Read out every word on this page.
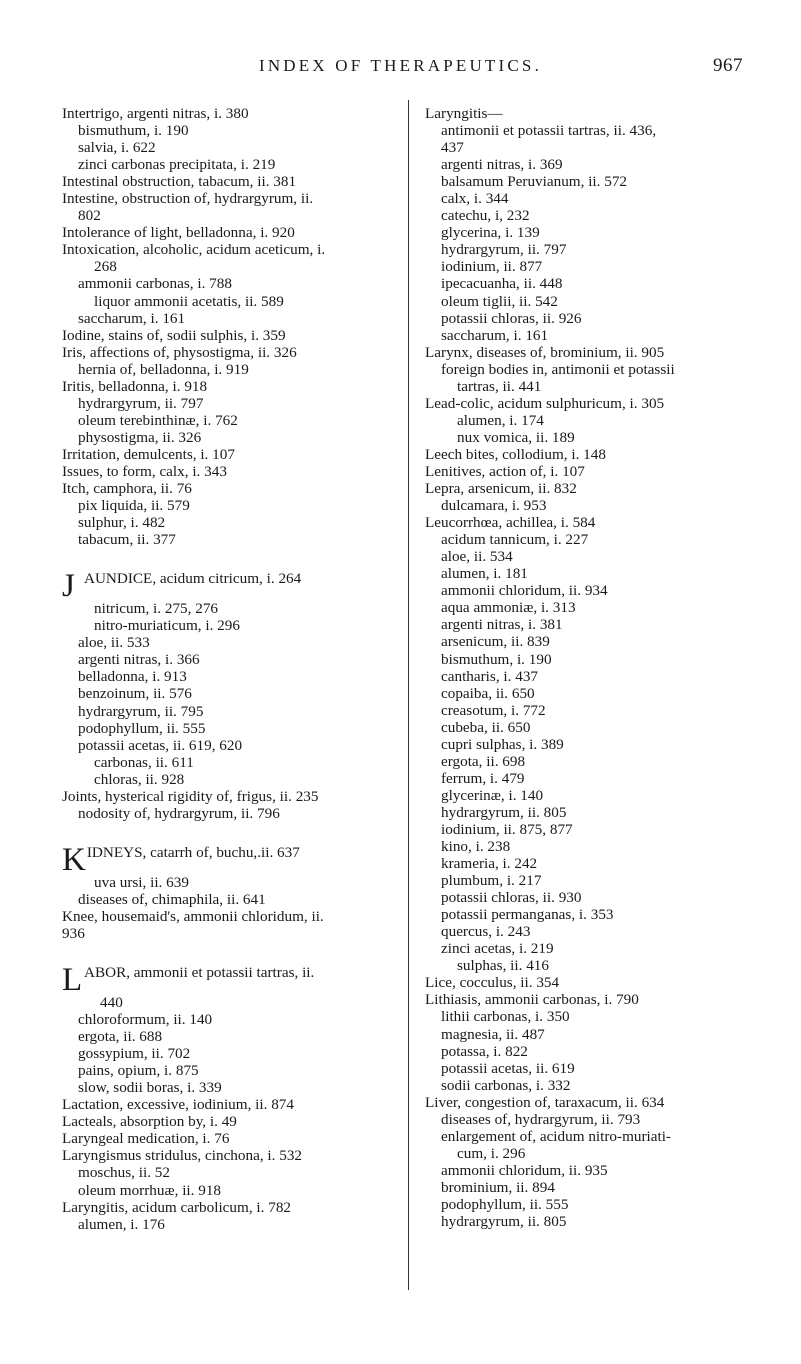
INDEX OF THERAPEUTICS.	967
Intertrigo, argenti nitras, i. 380
bismuthum, i. 190
salvia, i. 622
zinci carbonas precipitata, i. 219
Intestinal obstruction, tabacum, ii. 381
Intestine, obstruction of, hydrargyrum, ii.
802
Intolerance of light, belladonna, i. 920
Intoxication, alcoholic, acidum aceticum, i.
268
ammonii carbonas, i. 788
liquor ammonii acetatis, ii. 589
saccharum, i. 161
Iodine, stains of, sodii sulphis, i. 359
Iris, affections of, physostigma, ii. 326
hernia of, belladonna, i. 919
Iritis, belladonna, i. 918
hydrargyrum, ii. 797
oleum terebinthinæ, i. 762
physostigma, ii. 326
Irritation, demulcents, i. 107
Issues, to form, calx, i. 343
Itch, camphora, ii. 76
pix liquida, ii. 579
sulphur, i. 482
tabacum, ii. 377
J AUNDICE, acidum citricum, i. 264
nitricum, i. 275, 276
nitro-muriaticum, i. 296
aloe, ii. 533
argenti nitras, i. 366
belladonna, i. 913
benzoinum, ii. 576
hydrargyrum, ii. 795
podophyllum, ii. 555
potassii acetas, ii. 619, 620
carbonas, ii. 611
chloras, ii. 928
Joints, hysterical rigidity of, frigus, ii. 235
nodosity of, hydrargyrum, ii. 796
K IDNEYS, catarrh of, buchu,.ii. 637
uva ursi, ii. 639
diseases of, chimaphila, ii. 641
Knee, housemaid's, ammonii chloridum, ii.
936
L ABOR, ammonii et potassii tartras, ii.
440
chloroformum, ii. 140
ergota, ii. 688
gossypium, ii. 702
pains, opium, i. 875
slow, sodii boras, i. 339
Lactation, excessive, iodinium, ii. 874
Lacteals, absorption by, i. 49
Laryngeal medication, i. 76
Laryngismus stridulus, cinchona, i. 532
moschus, ii. 52
oleum morrhuæ, ii. 918
Laryngitis, acidum carbolicum, i. 782
alumen, i. 176
Laryngitis—
antimonii et potassii tartras, ii. 436,
437
argenti nitras, i. 369
balsamum Peruvianum, ii. 572
calx, i. 344
catechu, i, 232
glycerina, i. 139
hydrargyrum, ii. 797
iodinium, ii. 877
ipecacuanha, ii. 448
oleum tiglii, ii. 542
potassii chloras, ii. 926
saccharum, i. 161
Larynx, diseases of, brominium, ii. 905
foreign bodies in, antimonii et potassii
tartras, ii. 441
Lead-colic, acidum sulphuricum, i. 305
alumen, i. 174
nux vomica, ii. 189
Leech bites, collodium, i. 148
Lenitives, action of, i. 107
Lepra, arsenicum, ii. 832
dulcamara, i. 953
Leucorrhœa, achillea, i. 584
acidum tannicum, i. 227
aloe, ii. 534
alumen, i. 181
ammonii chloridum, ii. 934
aqua ammoniæ, i. 313
argenti nitras, i. 381
arsenicum, ii. 839
bismuthum, i. 190
cantharis, i. 437
copaiba, ii. 650
creasotum, i. 772
cubeba, ii. 650
cupri sulphas, i. 389
ergota, ii. 698
ferrum, i. 479
glycerinæ, i. 140
hydrargyrum, ii. 805
iodinium, ii. 875, 877
kino, i. 238
krameria, i. 242
plumbum, i. 217
potassii chloras, ii. 930
potassii permanganas, i. 353
quercus, i. 243
zinci acetas, i. 219
sulphas, ii. 416
Lice, cocculus, ii. 354
Lithiasis, ammonii carbonas, i. 790
lithii carbonas, i. 350
magnesia, ii. 487
potassa, i. 822
potassii acetas, ii. 619
sodii carbonas, i. 332
Liver, congestion of, taraxacum, ii. 634
diseases of, hydrargyrum, ii. 793
enlargement of, acidum nitro-muriati-
cum, i. 296
ammonii chloridum, ii. 935
brominium, ii. 894
podophyllum, ii. 555
hydrargyrum, ii. 805
